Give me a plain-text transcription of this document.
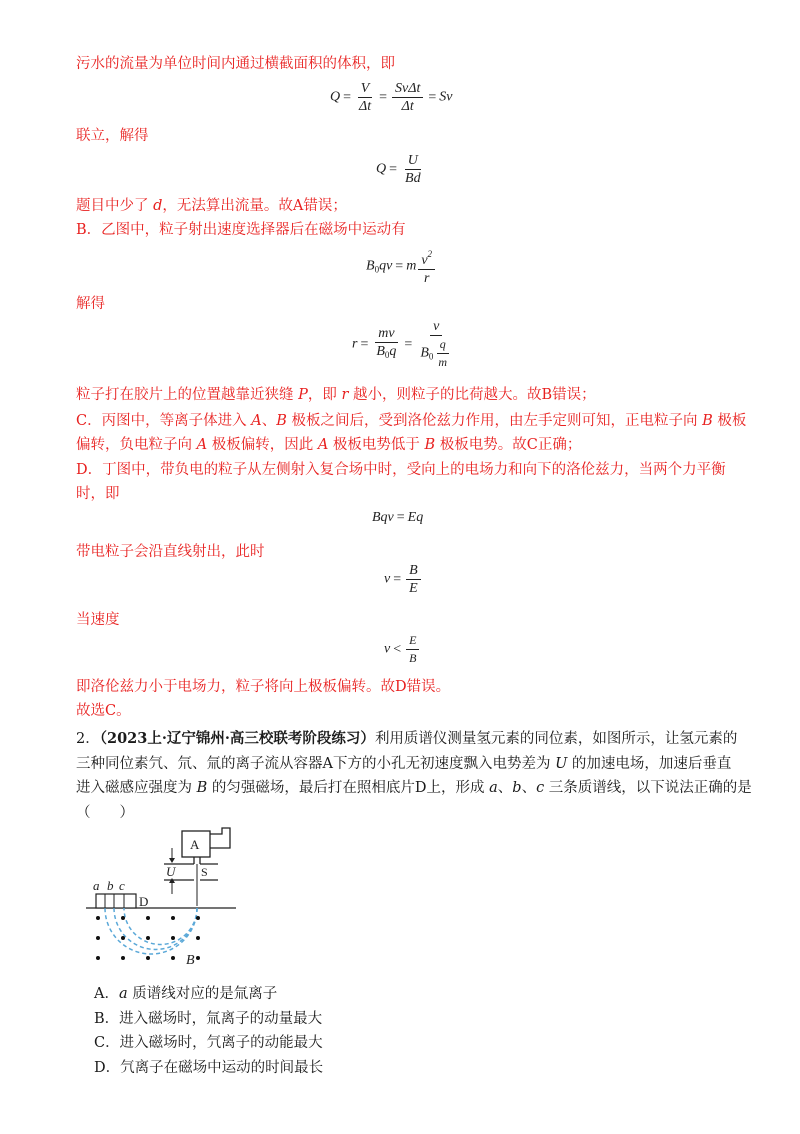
污水的流量为单位时间内通过横截面积的体积，即
$Q = \frac{V}{\Delta t} = \frac{\text{SvΔt}}{\Delta t} = Sv$
联立，解得
$Q = \frac{U}{Bd}$
题目中少了 d，无法算出流量。故A错误；
B．乙图中，粒子射出速度选择器后在磁场中运动有
$B_0qv = m \frac{v^2}{r}$
解得
$r = \frac{mv}{B_0q} = \frac{v}{B_0 \frac{q}{m}}$
粒子打在胶片上的位置越靠近狭缝 P，即 r 越小，则粒子的比荷越大。故B错误；
C．丙图中，等离子体进入 A、B 极板之间后，受到洛伦兹力作用，由左手定则可知，正电粒子向 B 极板
偏转，负电粒子向 A 极板偏转，因此 A 极板电势低于 B 极板电势。故C正确；
D．丁图中，带负电的粒子从左侧射入复合场中时，受向上的电场力和向下的洛伦兹力，当两个力平衡
时，即
Bqv = Eq
带电粒子会沿直线射出，此时
$v = \frac{B}{E}$
当速度
$v < \frac{E}{B}$
即洛伦兹力小于电场力，粒子将向上极板偏转。故D错误。
故选C。
2．（2023上·辽宁锦州·高三校联考阶段练习）利用质谱仪测量氢元素的同位素，如图所示，让氢元素的
三种同位素氕、氘、氚的离子流从容器A下方的小孔无初速度飘入电势差为 U 的加速电场，加速后垂直
进入磁感应强度为 B 的匀强磁场，最后打在照相底片D上，形成 a、b、c 三条质谱线，以下说法正确的是
（　　）
a b c
D
A
S
U
B
A．a 质谱线对应的是氚离子
B．进入磁场时，氚离子的动量最大
C．进入磁场时，氕离子的动能最大
D．氕离子在磁场中运动的时间最长
